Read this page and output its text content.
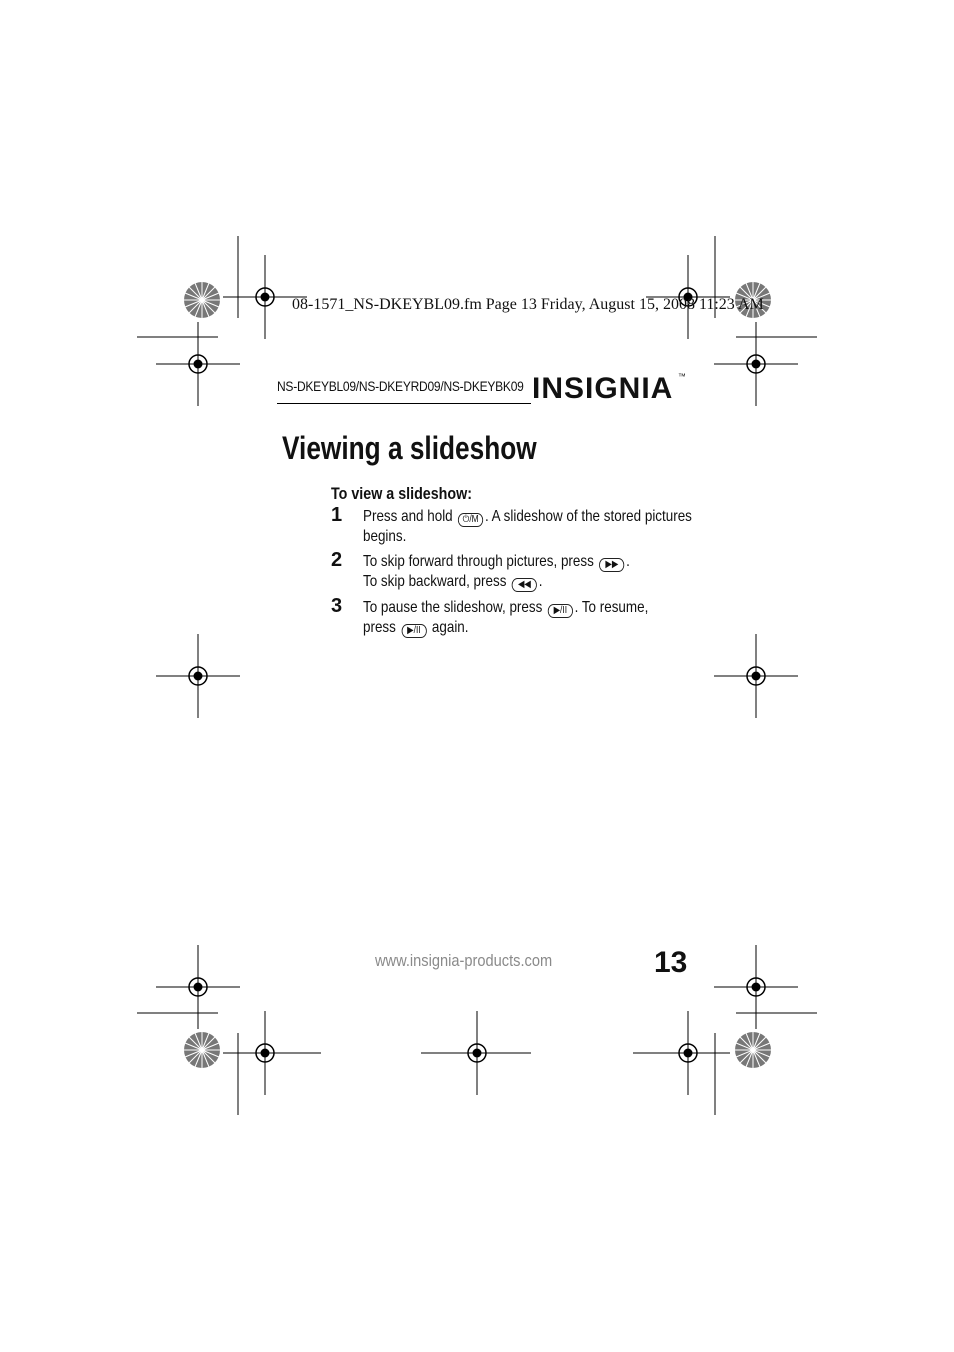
08-1571_NS-DKEYBL09.fm Page 13 Friday, August 15, 2008 11:23 AM
NS-DKEYBL09/NS-DKEYRD09/NS-DKEYBK09 INSIGNIA ™
Viewing a slideshow
To view a slideshow:
1 Press and hold ⏻/M . A slideshow of the stored pictures begins.
2 To skip forward through pictures, press ▶▶ .
To skip backward, press ◀◀ .
3 To pause the slideshow, press ▶/II . To resume,
press ▶/II again.
www.insignia-products.com	13
